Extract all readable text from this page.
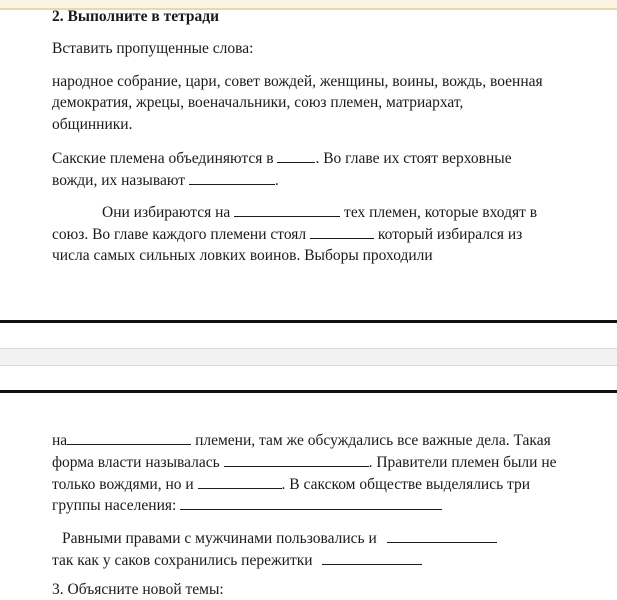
2. Выполните в тетради
Вставить пропущенные слова:
народное собрание, цари, совет вождей, женщины, воины, вождь, военная
демократия, жрецы, военачальники, союз племен, матриархат,
общинники.
Сакские племена объединяются в	. Во главе их стоят верховные
вожди, их называют	.
Они избираются на	тех племен, которые входят в
союз. Во главе каждого племени стоял	который избирался из
числа самых сильных ловких воинов. Выборы проходили
на	племени, там же обсуждались все важные дела. Такая
форма власти называлась	. Правители племен были не
только вождями, но и	. В сакском обществе выделялись три
группы населения:
Равными правами с мужчинами пользовались и
так как у саков сохранились пережитки
3. Объясните новой темы:
